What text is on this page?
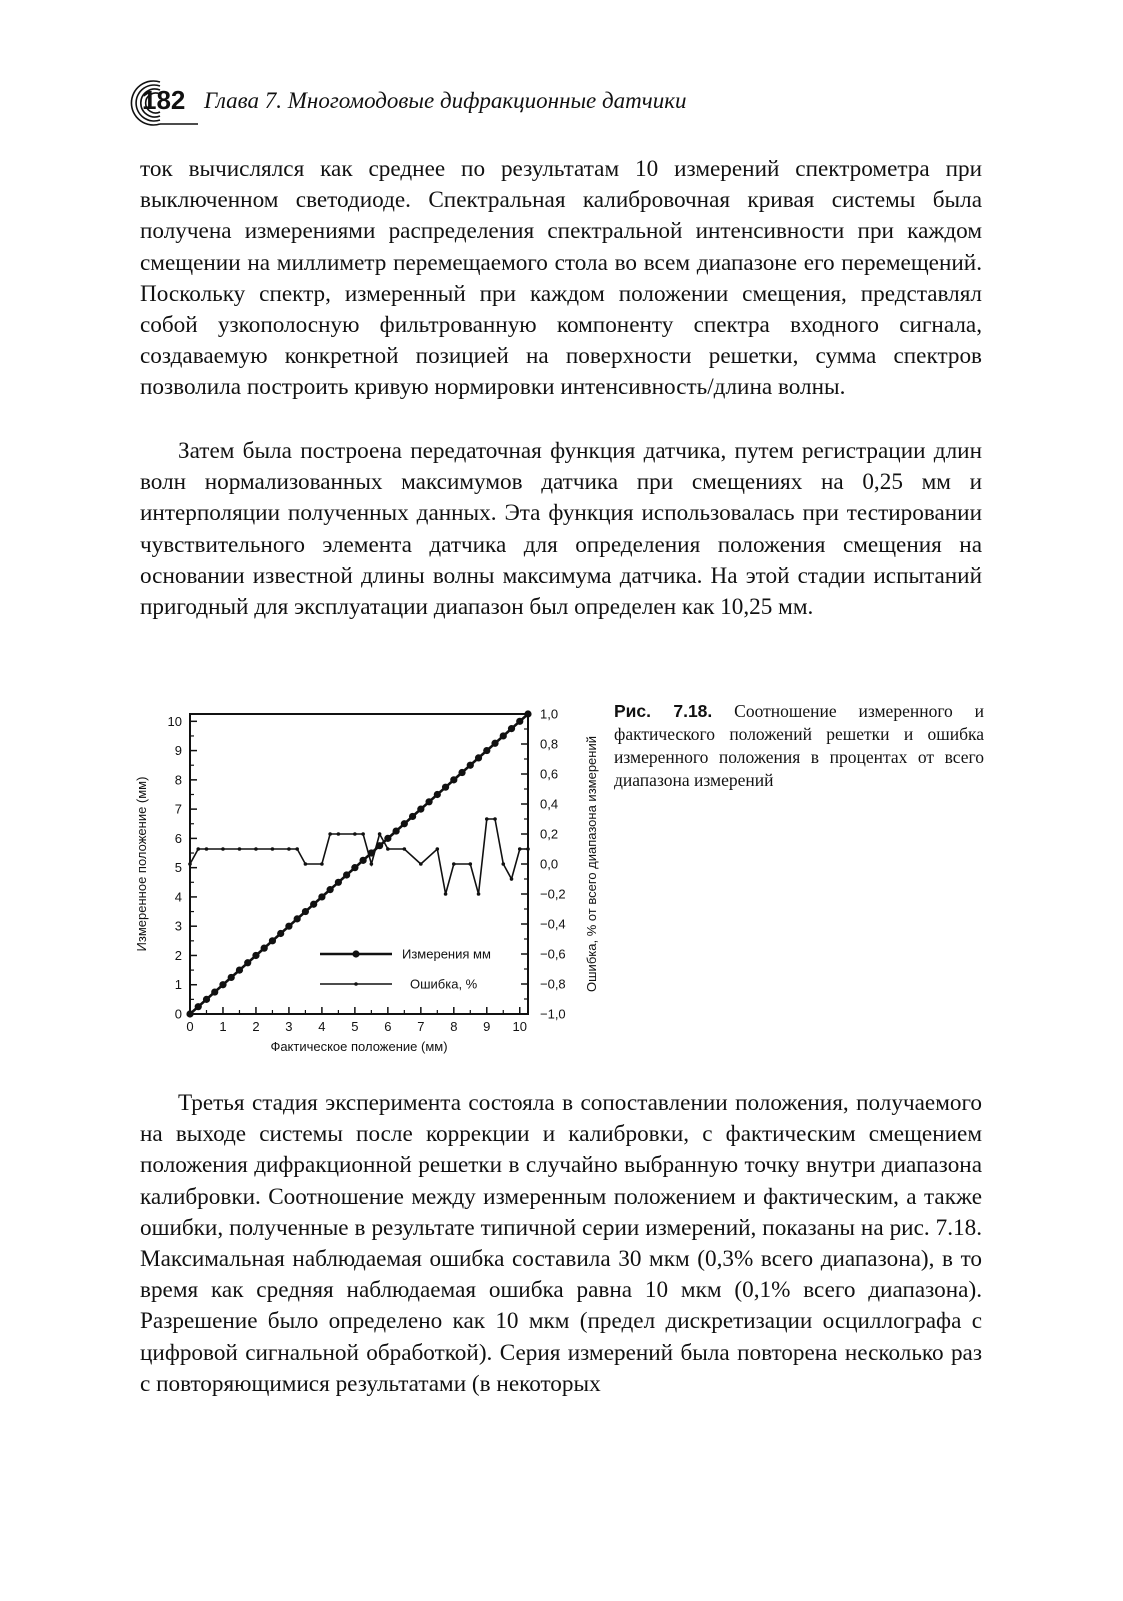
182 Глава 7. Многомодовые дифракционные датчики

ток вычислялся как среднее по результатам 10 измерений спектрометра при выключенном светодиоде. Спектральная калибровочная кривая системы была получена измерениями распределения спектральной интенсивности при каждом смещении на миллиметр перемещаемого стола во всем диапазоне его перемещений. Поскольку спектр, измеренный при каждом положении смещения, представлял собой узкополосную фильтрованную компоненту спектра входного сигнала, создаваемую конкретной позицией на поверхности решетки, сумма спектров позволила построить кривую нормировки интенсивность/длина волны.

Затем была построена передаточная функция датчика, путем регистрации длин волн нормализованных максимумов датчика при смещениях на 0,25 мм и интерполяции полученных данных. Эта функция использовалась при тестировании чувствительного элемента датчика для определения положения смещения на основании известной длины волны максимума датчика. На этой стадии испытаний пригодный для эксплуатации диапазон был определен как 10,25 мм.

0 1 2 3 4 5 6 7 8 9 10
0
1
2
3
4
5
6
7
8
9
10	1,0
0,8
0,6
0,4
0,2
0,0
−0,2
−0,4
−0,6
−0,8
−1,0
Фактическое положение (мм)
Измеренное положение (мм)	Ошибка, % от всего диапазона измерений
Измерения мм
Ошибка, %
Рис. 7.18. Соотношение измеренного и фактического положений решетки и ошибка измеренного положения в процентах от всего диапазона измерений

Третья стадия эксперимента состояла в сопоставлении положения, получаемого на выходе системы после коррекции и калибровки, с фактическим смещением положения дифракционной решетки в случайно выбранную точку внутри диапазона калибровки. Соотношение между измеренным положением и фактическим, а также ошибки, полученные в результате типичной серии измерений, показаны на рис. 7.18. Максимальная наблюдаемая ошибка составила 30 мкм (0,3% всего диапазона), в то время как средняя наблюдаемая ошибка равна 10 мкм (0,1% всего диапазона). Разрешение было определено как 10 мкм (предел дискретизации осциллографа с цифровой сигнальной обработкой). Серия измерений была повторена несколько раз с повторяющимися результатами (в некоторых
